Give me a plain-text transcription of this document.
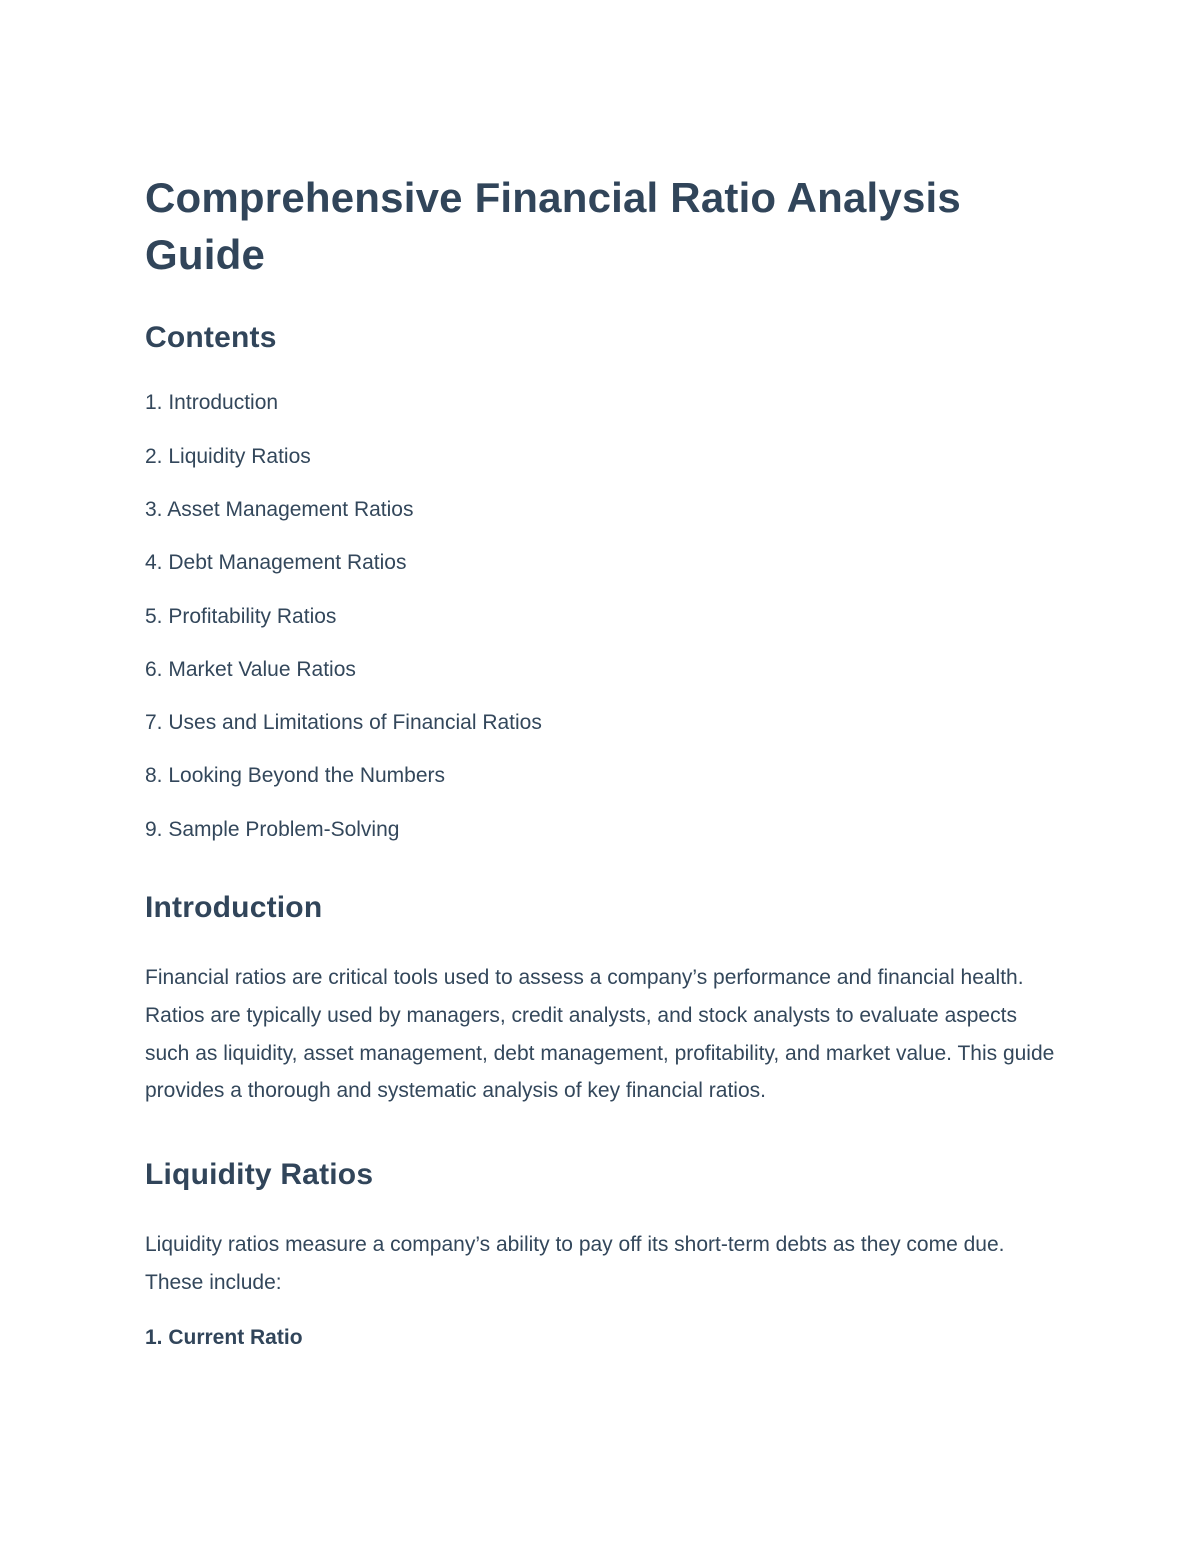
Comprehensive Financial Ratio Analysis Guide
Contents

1. Introduction

2. Liquidity Ratios

3. Asset Management Ratios

4. Debt Management Ratios

5. Profitability Ratios

6. Market Value Ratios

7. Uses and Limitations of Financial Ratios

8. Looking Beyond the Numbers

9. Sample Problem-Solving

Introduction

Financial ratios are critical tools used to assess a company’s performance and financial health. Ratios are typically used by managers, credit analysts, and stock analysts to evaluate aspects such as liquidity, asset management, debt management, profitability, and market value. This guide provides a thorough and systematic analysis of key financial ratios.

Liquidity Ratios

Liquidity ratios measure a company’s ability to pay off its short-term debts as they come due. These include:

1. Current Ratio
